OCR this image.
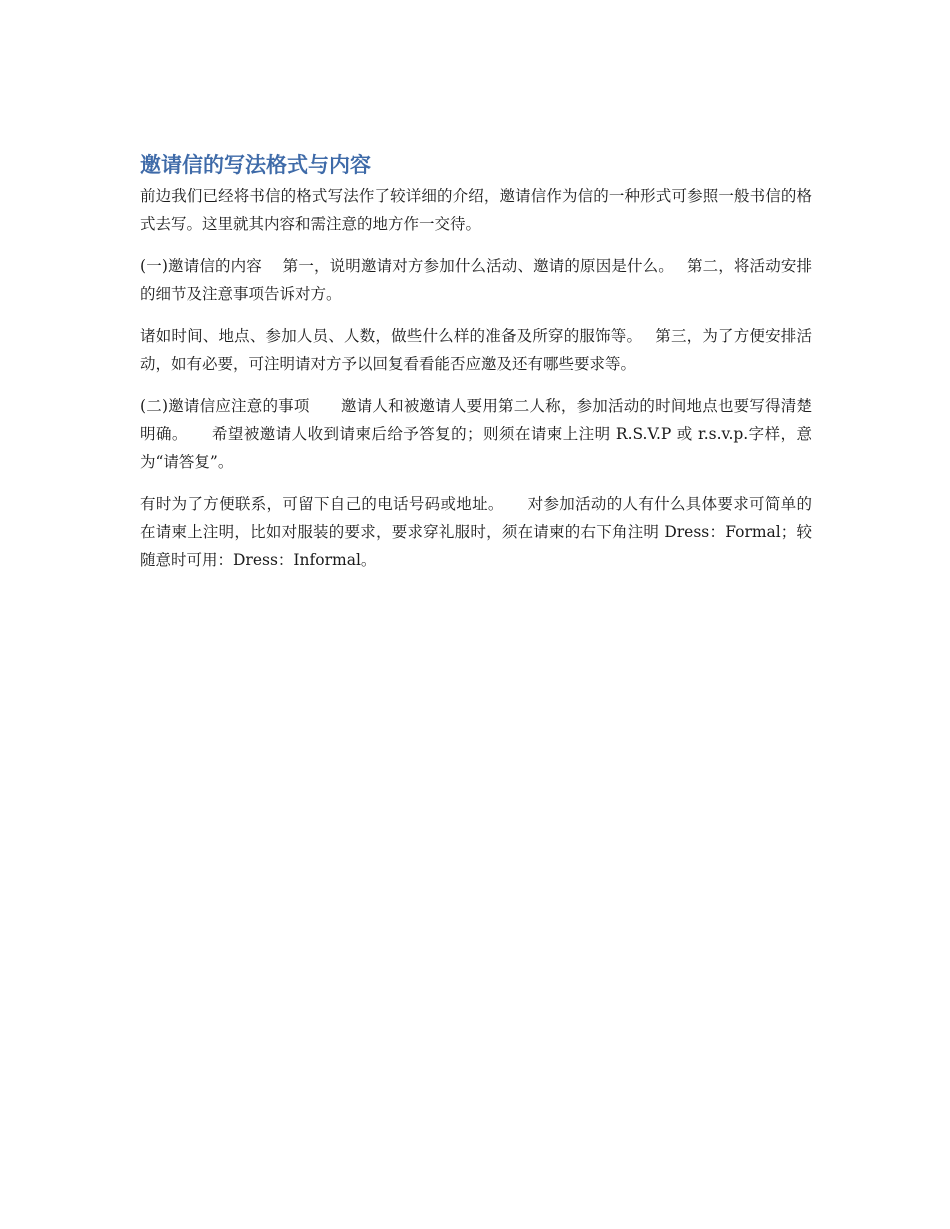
邀请信的写法格式与内容

前边我们已经将书信的格式写法作了较详细的介绍，邀请信作为信的一种形式可参照一般书信的格式去写。这里就其内容和需注意的地方作一交待。

(一)邀请信的内容　 第一，说明邀请对方参加什么活动、邀请的原因是什么。　 第二，将活动安排的细节及注意事项告诉对方。

诸如时间、地点、参加人员、人数，做些什么样的准备及所穿的服饰等。　 第三，为了方便安排活动，如有必要，可注明请对方予以回复看看能否应邀及还有哪些要求等。

(二)邀请信应注意的事项　　邀请人和被邀请人要用第二人称，参加活动的时间地点也要写得清楚明确。　　希望被邀请人收到请柬后给予答复的；则须在请柬上注明 R.S.V.P 或 r.s.v.p.字样，意为“请答复”。

有时为了方便联系，可留下自己的电话号码或地址。　　对参加活动的人有什么具体要求可简单的在请柬上注明，比如对服装的要求，要求穿礼服时，须在请柬的右下角注明 Dress：Formal；较随意时可用：Dress：Informal。
